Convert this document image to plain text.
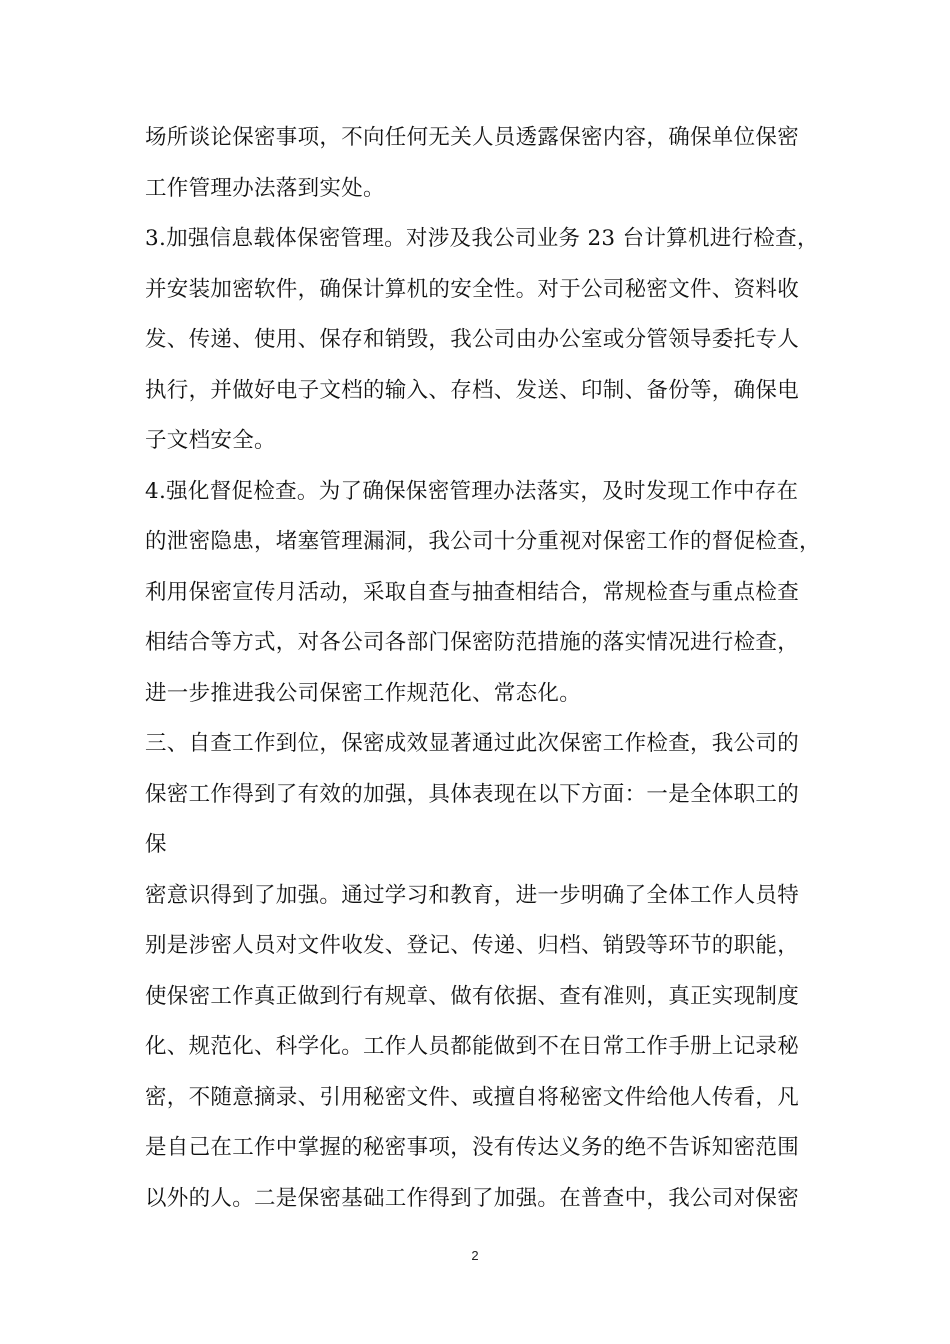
场所谈论保密事项，不向任何无关人员透露保密内容，确保单位保密
工作管理办法落到实处。
3.加强信息载体保密管理。对涉及我公司业务 23 台计算机进行检查，
并安装加密软件，确保计算机的安全性。对于公司秘密文件、资料收
发、传递、使用、保存和销毁，我公司由办公室或分管领导委托专人
执行，并做好电子文档的输入、存档、发送、印制、备份等，确保电
子文档安全。
4.强化督促检查。为了确保保密管理办法落实，及时发现工作中存在
的泄密隐患，堵塞管理漏洞，我公司十分重视对保密工作的督促检查，
利用保密宣传月活动，采取自查与抽查相结合，常规检查与重点检查
相结合等方式，对各公司各部门保密防范措施的落实情况进行检查，
进一步推进我公司保密工作规范化、常态化。
三、自查工作到位，保密成效显著通过此次保密工作检查，我公司的
保密工作得到了有效的加强，具体表现在以下方面：一是全体职工的
保
密意识得到了加强。通过学习和教育，进一步明确了全体工作人员特
别是涉密人员对文件收发、登记、传递、归档、销毁等环节的职能，
使保密工作真正做到行有规章、做有依据、查有准则，真正实现制度
化、规范化、科学化。工作人员都能做到不在日常工作手册上记录秘
密，不随意摘录、引用秘密文件、或擅自将秘密文件给他人传看，凡
是自己在工作中掌握的秘密事项，没有传达义务的绝不告诉知密范围
以外的人。二是保密基础工作得到了加强。在普查中，我公司对保密
2
